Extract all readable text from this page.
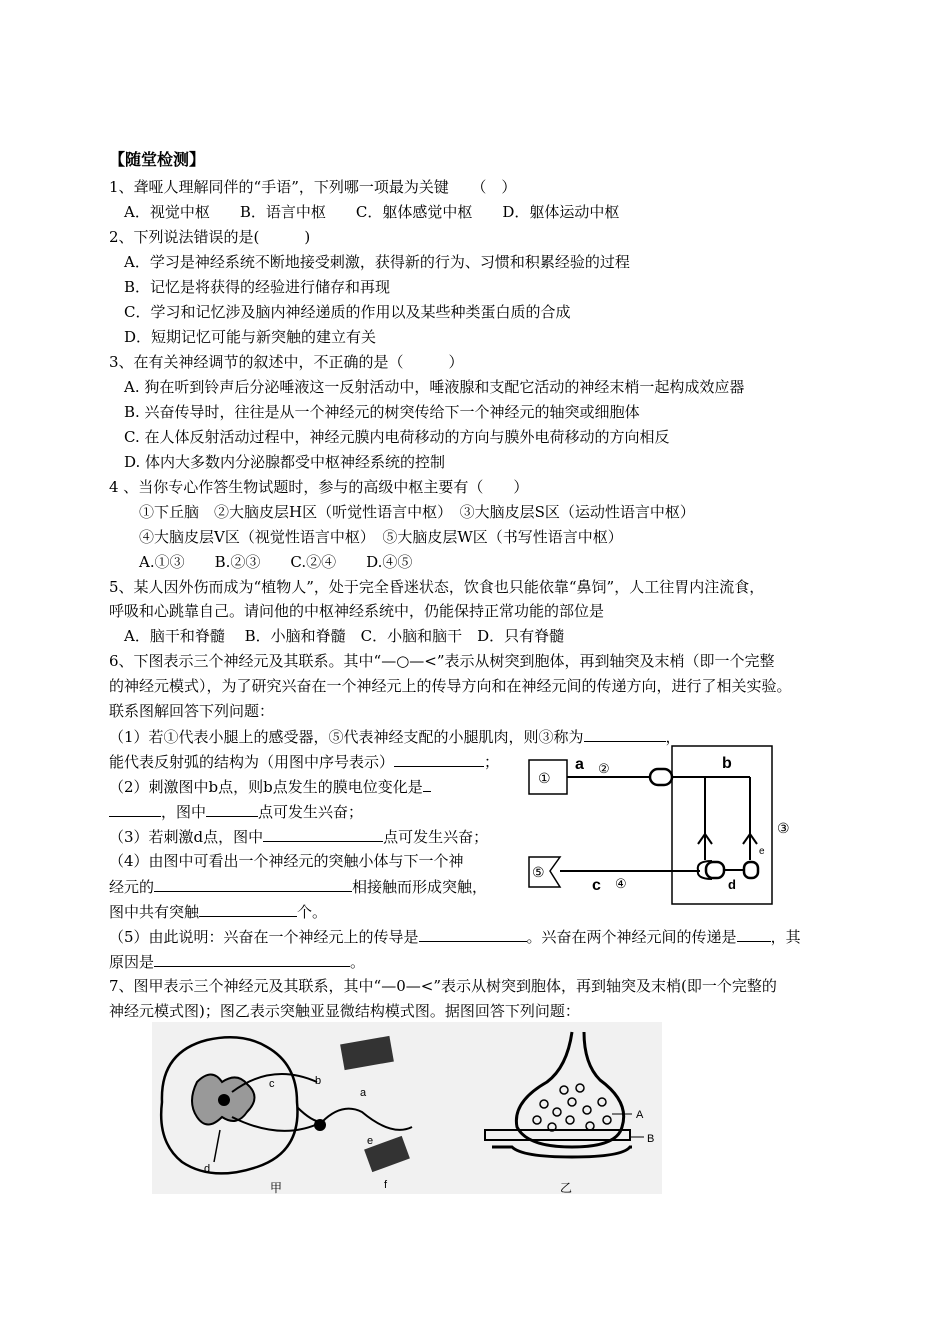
【随堂检测】
1、聋哑人理解同伴的“手语”，下列哪一项最为关键　　（　）
　A．视觉中枢　　B．语言中枢　　C．躯体感觉中枢　　D．躯体运动中枢
2、下列说法错误的是(　　　)
　A．学习是神经系统不断地接受刺激，获得新的行为、习惯和积累经验的过程
　B．记忆是将获得的经验进行储存和再现
　C．学习和记忆涉及脑内神经递质的作用以及某些种类蛋白质的合成
　D．短期记忆可能与新突触的建立有关
3、在有关神经调节的叙述中，不正确的是（　　　）
　A. 狗在听到铃声后分泌唾液这一反射活动中，唾液腺和支配它活动的神经末梢一起构成效应器
　B. 兴奋传导时，往往是从一个神经元的树突传给下一个神经元的轴突或细胞体
　C. 在人体反射活动过程中，神经元膜内电荷移动的方向与膜外电荷移动的方向相反
　D. 体内大多数内分泌腺都受中枢神经系统的控制
4 、当你专心作答生物试题时，参与的高级中枢主要有（　　）
　　①下丘脑　②大脑皮层H区（听觉性语言中枢）　③大脑皮层S区（运动性语言中枢）
　　④大脑皮层V区（视觉性语言中枢）　⑤大脑皮层W区（书写性语言中枢）
　　A.①③　　B.②③　　C.②④　　D.④⑤
5、某人因外伤而成为“植物人”，处于完全昏迷状态，饮食也只能依靠“鼻饲”，人工往胃内注流食，
呼吸和心跳靠自己。请问他的中枢神经系统中，仍能保持正常功能的部位是
　A．脑干和脊髓　 B．小脑和脊髓　C．小脑和脑干　D．只有脊髓
6、下图表示三个神经元及其联系。其中“—○—<”表示从树突到胞体，再到轴突及末梢（即一个完整
的神经元模式），为了研究兴奋在一个神经元上的传导方向和在神经元间的传递方向，进行了相关实验。
联系图解回答下列问题：
（1）若①代表小腿上的感受器，⑤代表神经支配的小腿肌肉，则③称为	，
能代表反射弧的结构为（用图中序号表示）	；
（2）刺激图中b点，则b点发生的膜电位变化是
，图中	点可发生兴奋；
（3）若刺激d点，图中	点可发生兴奋；
（4）由图中可看出一个神经元的突触小体与下一个神
经元的	相接触而形成突触，
图中共有突触	个。
（5）由此说明：兴奋在一个神经元上的传导是	。兴奋在两个神经元间的传递是 ，其
原因是	。
①
a ②	b
e
③
d
⑤
c ④
7、图甲表示三个神经元及其联系，其中“—0—<”表示从树突到胞体，再到轴突及末梢(即一个完整的
神经元模式图)；图乙表示突触亚显微结构模式图。据图回答下列问题：
c
d
b
a
e
f
甲
A
B
乙
